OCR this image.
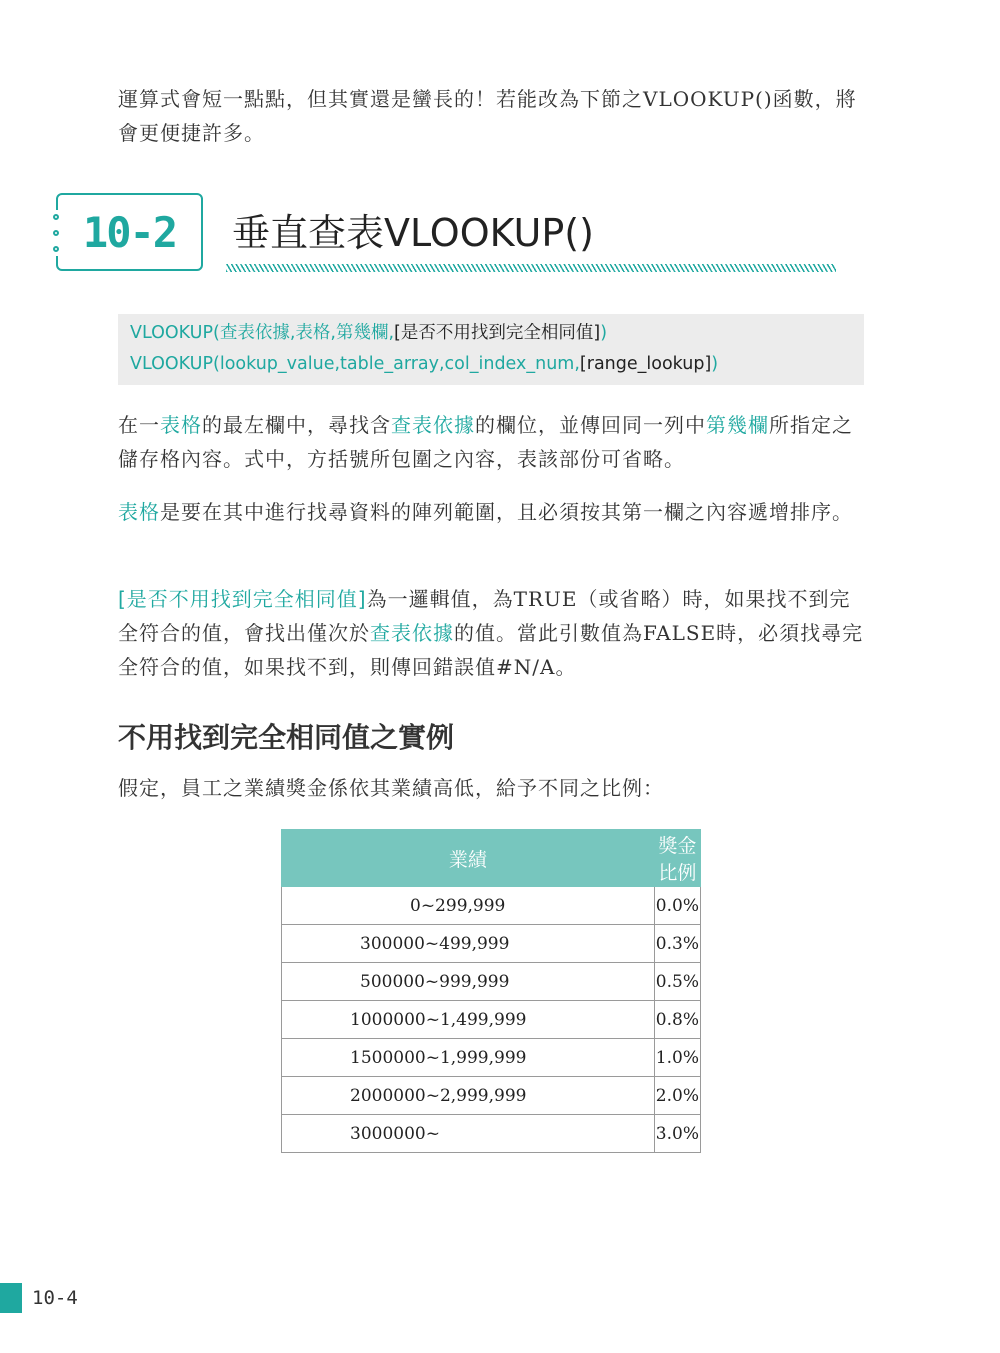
運算式會短一點點，但其實還是蠻長的！若能改為下節之VLOOKUP()函數，將會更便捷許多。
10-2	垂直查表VLOOKUP()
VLOOKUP(查表依據,表格,第幾欄,[是否不用找到完全相同值])
VLOOKUP(lookup_value,table_array,col_index_num,[range_lookup])
在一表格的最左欄中，尋找含查表依據的欄位，並傳回同一列中第幾欄所指定之儲存格內容。式中，方括號所包圍之內容，表該部份可省略。
表格是要在其中進行找尋資料的陣列範圍，且必須按其第一欄之內容遞增排序。
[是否不用找到完全相同值]為一邏輯值，為TRUE（或省略）時，如果找不到完全符合的值，會找出僅次於查表依據的值。當此引數值為FALSE時，必須找尋完全符合的值，如果找不到，則傳回錯誤值#N/A。
不用找到完全相同值之實例
假定，員工之業績獎金係依其業績高低，給予不同之比例：
業績	獎金比例
0~299,999	0.0%
300000~499,999	0.3%
500000~999,999	0.5%
1000000~1,499,999	0.8%
1500000~1,999,999	1.0%
2000000~2,999,999	2.0%
3000000~	3.0%
10-4
